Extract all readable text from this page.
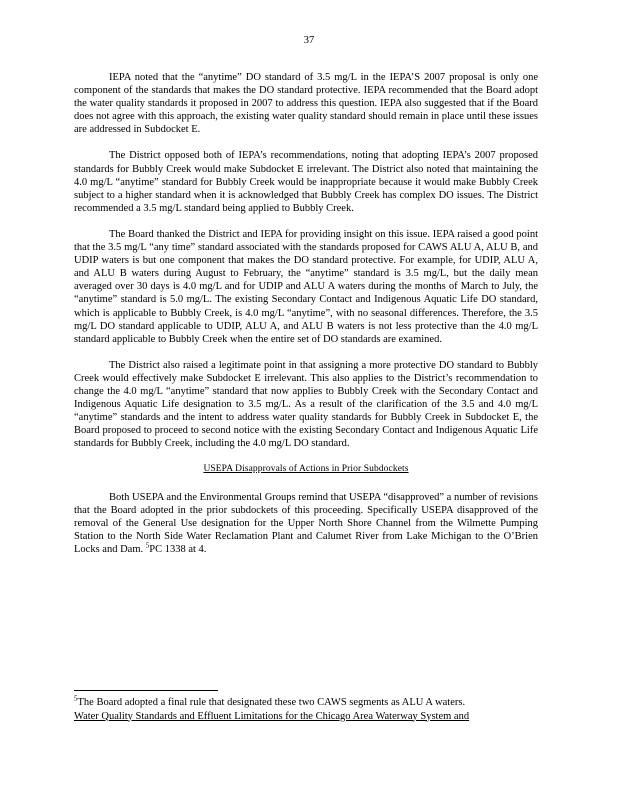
37

IEPA noted that the “anytime” DO standard of 3.5 mg/L in the IEPA’S 2007 proposal is only one component of the standards that makes the DO standard protective. IEPA recommended that the Board adopt the water quality standards it proposed in 2007 to address this question. IEPA also suggested that if the Board does not agree with this approach, the existing water quality standard should remain in place until these issues are addressed in Subdocket E.

The District opposed both of IEPA’s recommendations, noting that adopting IEPA’s 2007 proposed standards for Bubbly Creek would make Subdocket E irrelevant. The District also noted that maintaining the 4.0 mg/L “anytime” standard for Bubbly Creek would be inappropriate because it would make Bubbly Creek subject to a higher standard when it is acknowledged that Bubbly Creek has complex DO issues. The District recommended a 3.5 mg/L standard being applied to Bubbly Creek.

The Board thanked the District and IEPA for providing insight on this issue. IEPA raised a good point that the 3.5 mg/L “any time” standard associated with the standards proposed for CAWS ALU A, ALU B, and UDIP waters is but one component that makes the DO standard protective. For example, for UDIP, ALU A, and ALU B waters during August to February, the “anytime” standard is 3.5 mg/L, but the daily mean averaged over 30 days is 4.0 mg/L and for UDIP and ALU A waters during the months of March to July, the “anytime” standard is 5.0 mg/L. The existing Secondary Contact and Indigenous Aquatic Life DO standard, which is applicable to Bubbly Creek, is 4.0 mg/L “anytime”, with no seasonal differences. Therefore, the 3.5 mg/L DO standard applicable to UDIP, ALU A, and ALU B waters is not less protective than the 4.0 mg/L standard applicable to Bubbly Creek when the entire set of DO standards are examined.

The District also raised a legitimate point in that assigning a more protective DO standard to Bubbly Creek would effectively make Subdocket E irrelevant. This also applies to the District’s recommendation to change the 4.0 mg/L “anytime” standard that now applies to Bubbly Creek with the Secondary Contact and Indigenous Aquatic Life designation to 3.5 mg/L. As a result of the clarification of the 3.5 and 4.0 mg/L “anytime” standards and the intent to address water quality standards for Bubbly Creek in Subdocket E, the Board proposed to proceed to second notice with the existing Secondary Contact and Indigenous Aquatic Life standards for Bubbly Creek, including the 4.0 mg/L DO standard.

USEPA Disapprovals of Actions in Prior Subdockets

Both USEPA and the Environmental Groups remind that USEPA “disapproved” a number of revisions that the Board adopted in the prior subdockets of this proceeding. Specifically USEPA disapproved of the removal of the General Use designation for the Upper North Shore Channel from the Wilmette Pumping Station to the North Side Water Reclamation Plant and Calumet River from Lake Michigan to the O’Brien Locks and Dam. $^5$PC 1338 at 4.

$^5$The Board adopted a final rule that designated these two CAWS segments as ALU A waters.
Water Quality Standards and Effluent Limitations for the Chicago Area Waterway System and
